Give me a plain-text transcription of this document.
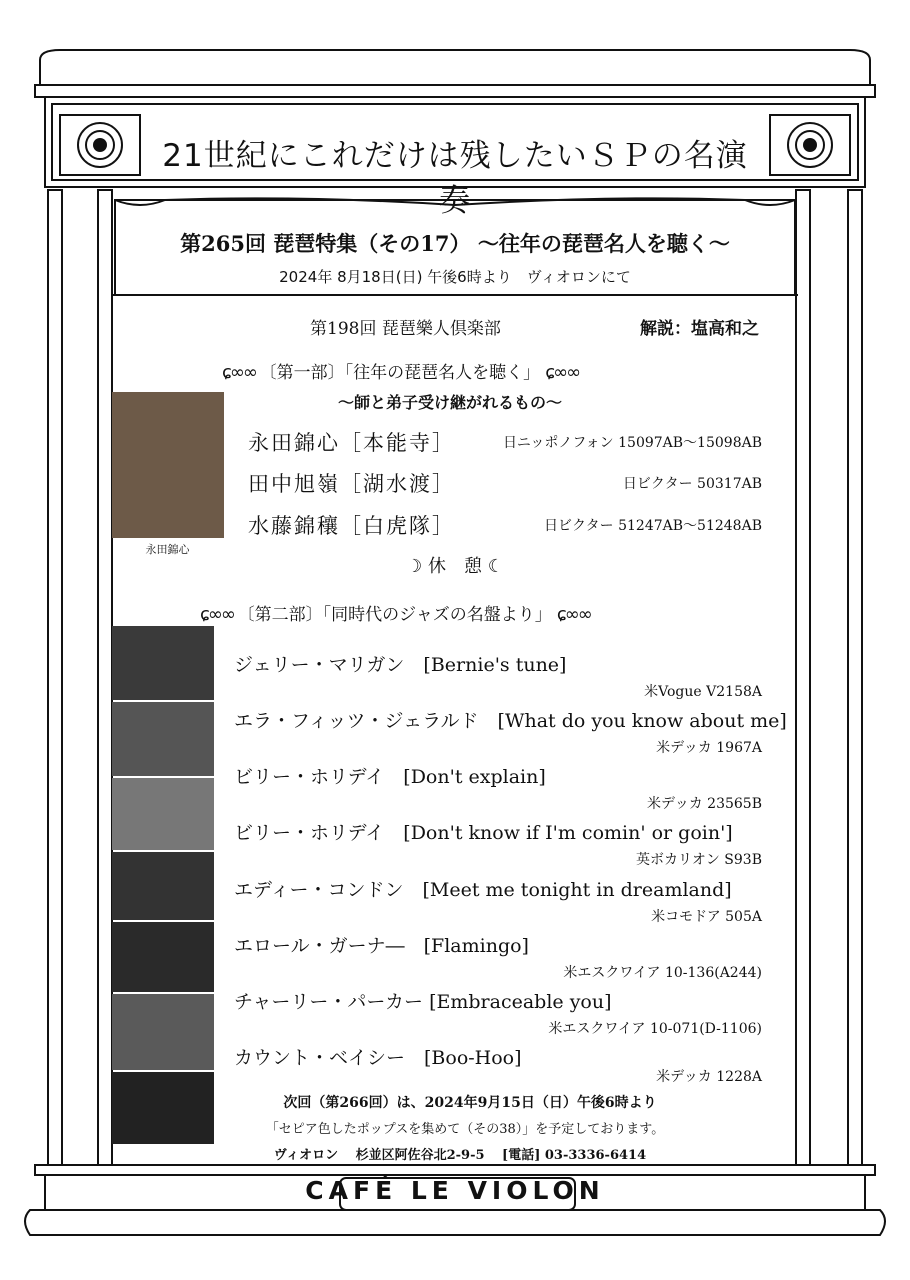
21世紀にこれだけは残したいＳＰの名演奏
第265回 琵琶特集（その17） ～往年の琵琶名人を聴く～
2024年 8月18日(日) 午後6時より　ヴィオロンにて
第198回 琵琶樂人倶楽部	解説：塩高和之
ɕ∞∞ 〔第一部〕「往年の琵琶名人を聴く」 ɕ∞∞
～師と弟子受け継がれるもの～
永田錦心
永田錦心［本能寺］	日ニッポノフォン 15097AB～15098AB
田中旭嶺［湖水渡］	日ビクター 50317AB
水藤錦穰［白虎隊］	日ビクター 51247AB～51248AB
☽ 休　憩 ☾
ɕ∞∞ 〔第二部〕「同時代のジャズの名盤より」 ɕ∞∞
ジェリー・マリガン　[Bernie's tune]
米Vogue V2158A
エラ・フィッツ・ジェラルド　[What do you know about me]
米デッカ 1967A
ビリー・ホリデイ　[Don't explain]
米デッカ 23565B
ビリー・ホリデイ　[Don't know if I'm comin' or goin']
英ボカリオン S93B
エディー・コンドン　[Meet me tonight in dreamland]
米コモドア 505A
エロール・ガーナ―　[Flamingo]
米エスクワイア 10-136(A244)
チャーリー・パーカー [Embraceable you]
米エスクワイア 10-071(D-1106)
カウント・ベイシー　[Boo-Hoo]
米デッカ 1228A
次回（第266回）は、2024年9月15日（日）午後6時より
「セピア色したポップスを集めて（その38）」を予定しております。
ヴィオロン　 杉並区阿佐谷北2-9-5　 [電話] 03-3336-6414
CAFÉ LE VIOLON
